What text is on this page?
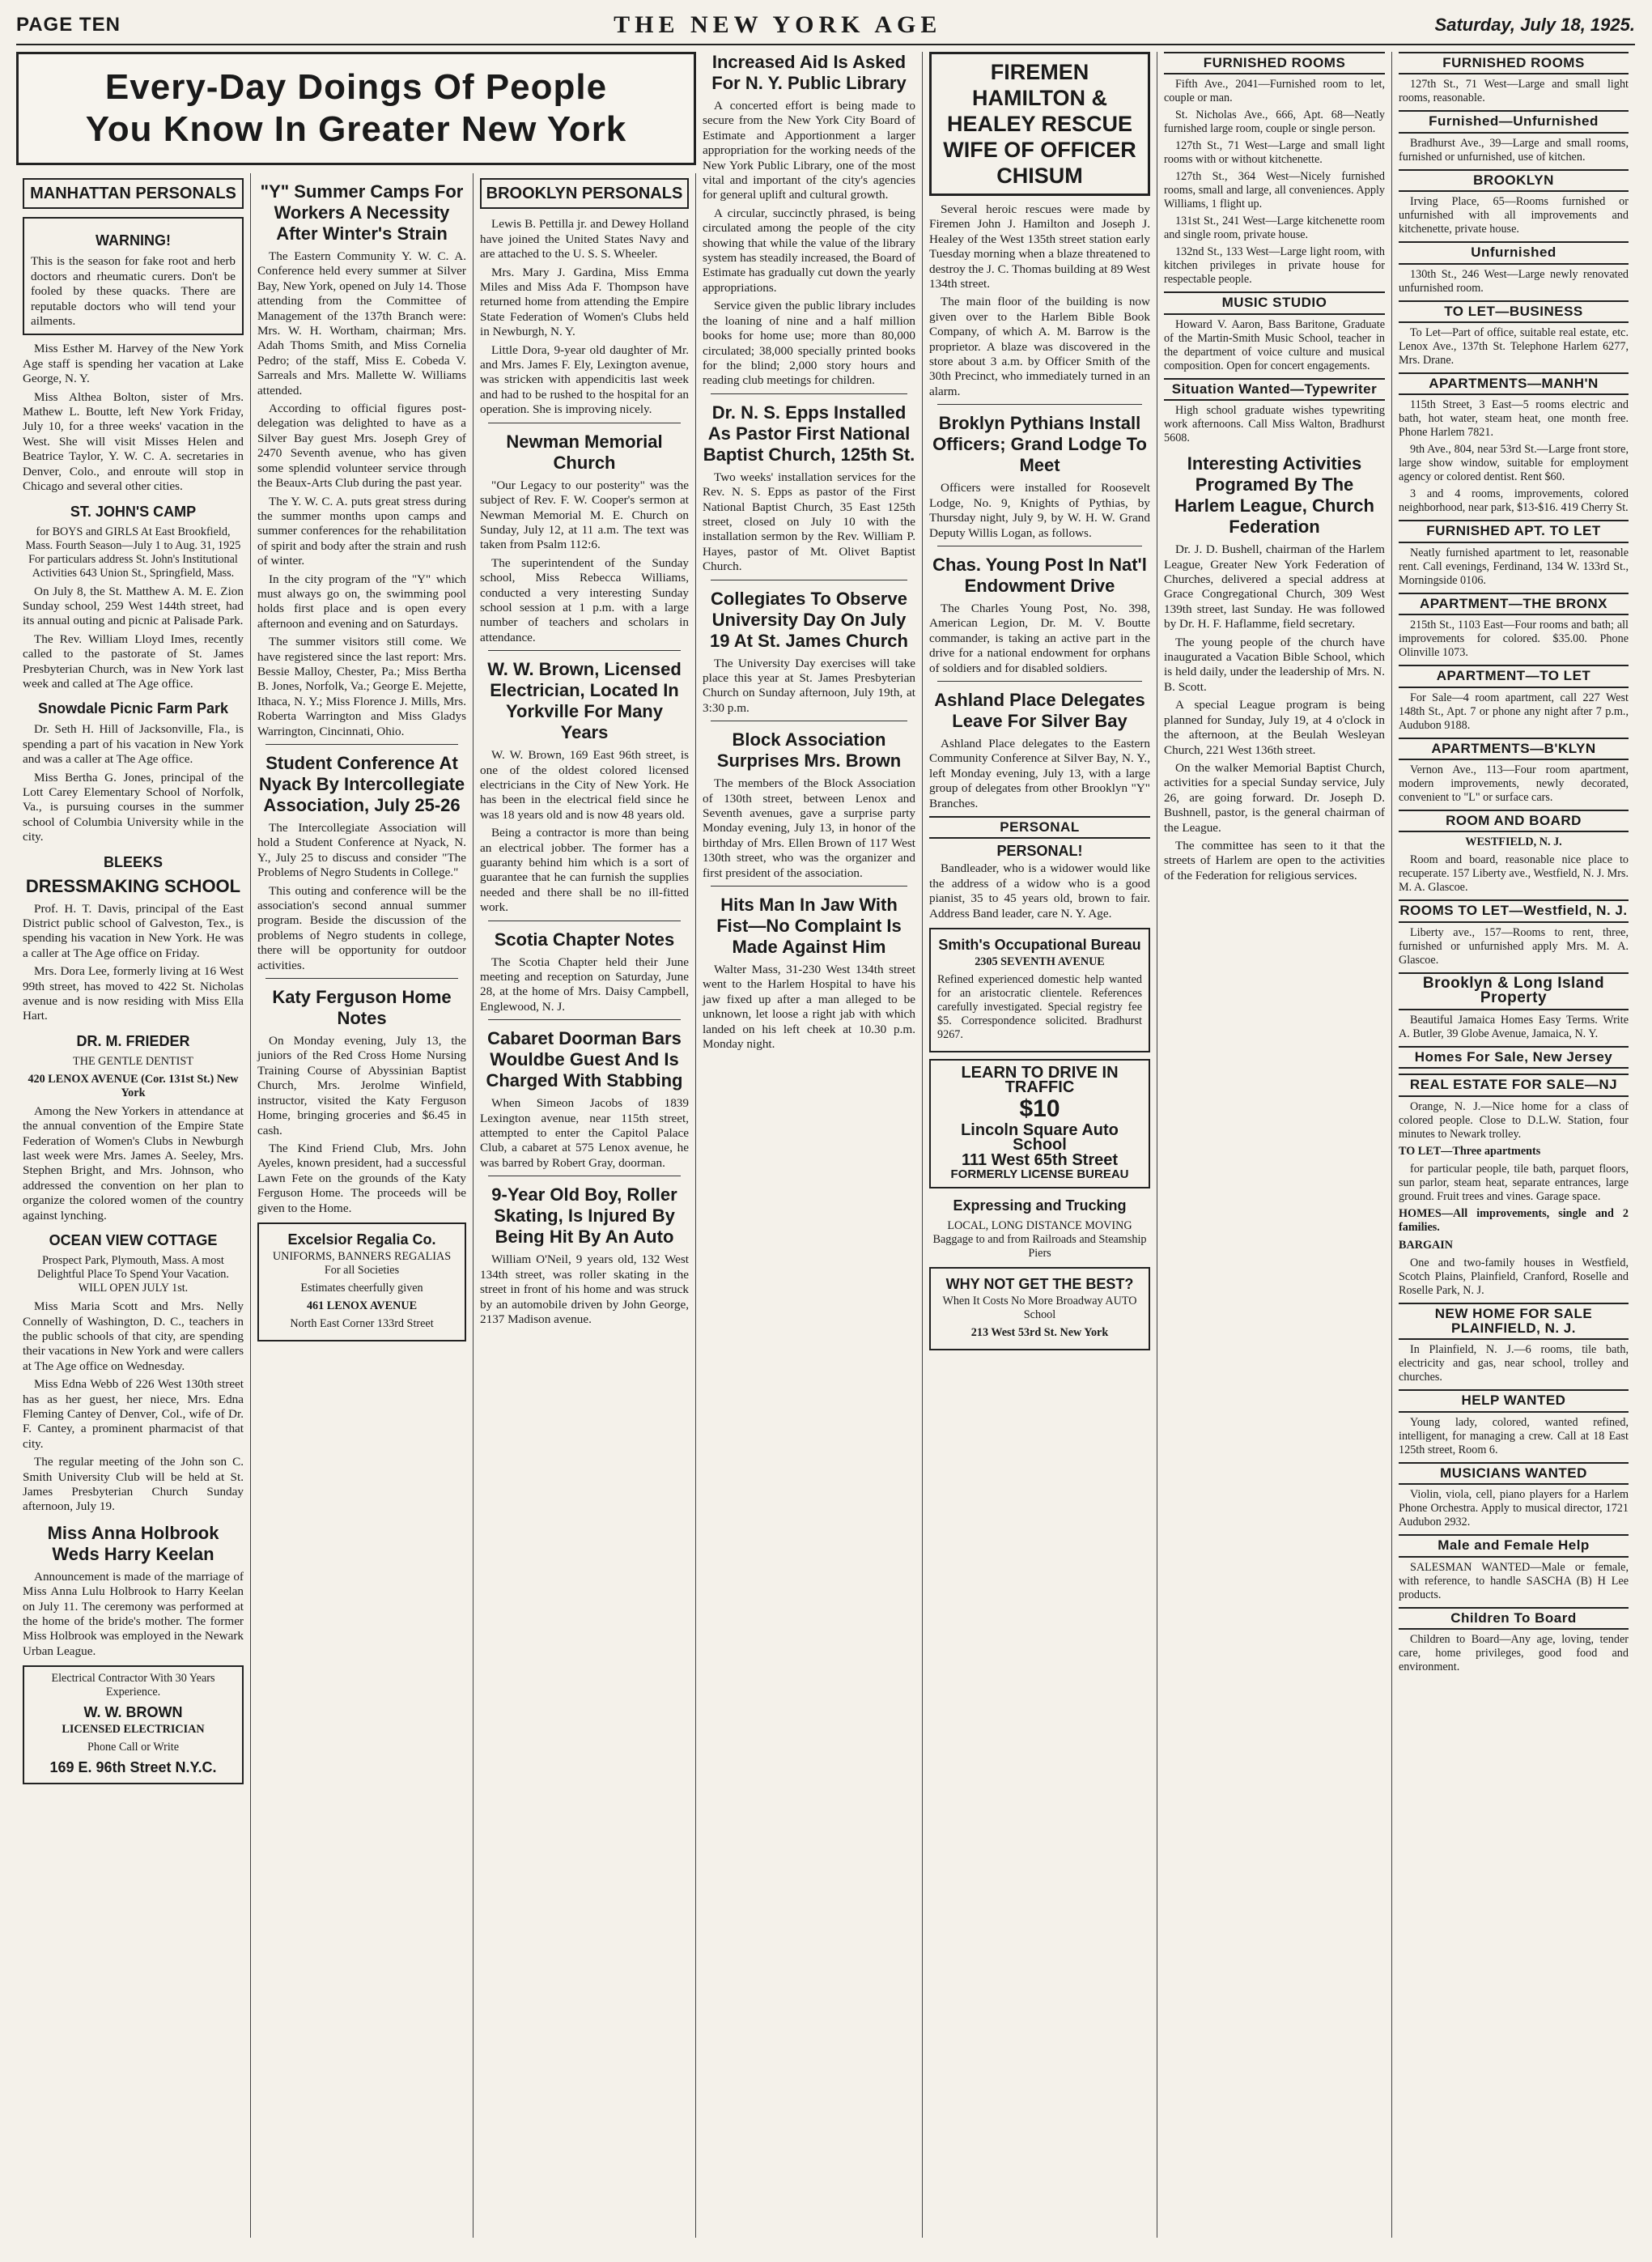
PAGE TEN	THE NEW YORK AGE	Saturday, July 18, 1925.
Every-Day Doings Of People
You Know In Greater New York
MANHATTAN PERSONALS
WARNING!
This is the season for fake root and herb doctors and rheumatic curers. Don't be fooled by these quacks. There are reputable doctors who will tend your ailments.

Miss Esther M. Harvey of the New York Age staff is spending her vacation at Lake George, N. Y.

Miss Althea Bolton, sister of Mrs. Mathew L. Boutte, left New York Friday, July 10, for a three weeks' vacation in the West. She will visit Misses Helen and Beatrice Taylor, Y. W. C. A. secretaries in Denver, Colo., and enroute will stop in Chicago and several other cities.

ST. JOHN'S CAMP
for BOYS and GIRLS At East Brookfield, Mass. Fourth Season—July 1 to Aug. 31, 1925 For particulars address St. John's Institutional Activities 643 Union St., Springfield, Mass.

On July 8, the St. Matthew A. M. E. Zion Sunday school, 259 West 144th street, had its annual outing and picnic at Palisade Park.

The Rev. William Lloyd Imes, recently called to the pastorate of St. James Presbyterian Church, was in New York last week and called at The Age office.

Snowdale Picnic Farm Park

Dr. Seth H. Hill of Jacksonville, Fla., is spending a part of his vacation in New York and was a caller at The Age office.

Miss Bertha G. Jones, principal of the Lott Carey Elementary School of Norfolk, Va., is pursuing courses in the summer school of Columbia University while in the city.

BLEEKS
DRESSMAKING SCHOOL

Prof. H. T. Davis, principal of the East District public school of Galveston, Tex., is spending his vacation in New York. He was a caller at The Age office on Friday.

Mrs. Dora Lee, formerly living at 16 West 99th street, has moved to 422 St. Nicholas avenue and is now residing with Miss Ella Hart.

DR. M. FRIEDER
THE GENTLE DENTIST
420 LENOX AVENUE (Cor. 131st St.) New York

Among the New Yorkers in attendance at the annual convention of the Empire State Federation of Women's Clubs in Newburgh last week were Mrs. James A. Seeley, Mrs. Stephen Bright, and Mrs. Johnson, who addressed the convention on her plan to organize the colored women of the country against lynching.

OCEAN VIEW COTTAGE
Prospect Park, Plymouth, Mass. A most Delightful Place To Spend Your Vacation. WILL OPEN JULY 1st.

Miss Maria Scott and Mrs. Nelly Connelly of Washington, D. C., teachers in the public schools of that city, are spending their vacations in New York and were callers at The Age office on Wednesday.

Miss Edna Webb of 226 West 130th street has as her guest, her niece, Mrs. Edna Fleming Cantey of Denver, Col., wife of Dr. F. Cantey, a prominent pharmacist of that city.

The regular meeting of the John son C. Smith University Club will be held at St. James Presbyterian Church Sunday afternoon, July 19.

Miss Anna Holbrook Weds Harry Keelan

Announcement is made of the marriage of Miss Anna Lulu Holbrook to Harry Keelan on July 11. The ceremony was performed at the home of the bride's mother. The former Miss Holbrook was employed in the Newark Urban League.

Electrical Contractor With 30 Years Experience.
W. W. BROWN
LICENSED ELECTRICIAN
Phone Call or Write
169 E. 96th Street N.Y.C.
"Y" Summer Camps For Workers A Necessity After Winter's Strain

The Eastern Community Y. W. C. A. Conference held every summer at Silver Bay, New York, opened on July 14. Those attending from the Committee of Management of the 137th Branch were: Mrs. W. H. Wortham, chairman; Mrs. Adah Thoms Smith, and Miss Cornelia Pedro; of the staff, Miss E. Cobeda V. Sarreals and Mrs. Mallette W. Williams attended.

According to official figures post-delegation was delighted to have as a Silver Bay guest Mrs. Joseph Grey of 2470 Seventh avenue, who has given some splendid volunteer service through the Beaux-Arts Club during the past year.

The Y. W. C. A. puts great stress during the summer months upon camps and summer conferences for the rehabilitation of spirit and body after the strain and rush of winter.

In the city program of the "Y" which must always go on, the swimming pool holds first place and is open every afternoon and evening and on Saturdays.

The summer visitors still come. We have registered since the last report: Mrs. Bessie Malloy, Chester, Pa.; Miss Bertha B. Jones, Norfolk, Va.; George E. Mejette, Ithaca, N. Y.; Miss Florence J. Mills, Mrs. Roberta Warrington and Miss Gladys Warrington, Cincinnati, Ohio.

Student Conference At Nyack By Intercollegiate Association, July 25-26

The Intercollegiate Association will hold a Student Conference at Nyack, N. Y., July 25 to discuss and consider "The Problems of Negro Students in College."

This outing and conference will be the association's second annual summer program. Beside the discussion of the problems of Negro students in college, there will be opportunity for outdoor activities.

Katy Ferguson Home Notes

On Monday evening, July 13, the juniors of the Red Cross Home Nursing Training Course of Abyssinian Baptist Church, Mrs. Jerolme Winfield, instructor, visited the Katy Ferguson Home, bringing groceries and $6.45 in cash.

The Kind Friend Club, Mrs. John Ayeles, known president, had a successful Lawn Fete on the grounds of the Katy Ferguson Home. The proceeds will be given to the Home.

Excelsior Regalia Co.
UNIFORMS, BANNERS REGALIAS For all Societies
Estimates cheerfully given
461 LENOX AVENUE
North East Corner 133rd Street
BROOKLYN PERSONALS

Lewis B. Pettilla jr. and Dewey Holland have joined the United States Navy and are attached to the U. S. S. Wheeler.

Mrs. Mary J. Gardina, Miss Emma Miles and Miss Ada F. Thompson have returned home from attending the Empire State Federation of Women's Clubs held in Newburgh, N. Y.

Little Dora, 9-year old daughter of Mr. and Mrs. James F. Ely, Lexington avenue, was stricken with appendicitis last week and had to be rushed to the hospital for an operation. She is improving nicely.

Newman Memorial Church

"Our Legacy to our posterity" was the subject of Rev. F. W. Cooper's sermon at Newman Memorial M. E. Church on Sunday, July 12, at 11 a.m. The text was taken from Psalm 112:6.

The superintendent of the Sunday school, Miss Rebecca Williams, conducted a very interesting Sunday school session at 1 p.m. with a large number of teachers and scholars in attendance.

W. W. Brown, Licensed Electrician, Located In Yorkville For Many Years

W. W. Brown, 169 East 96th street, is one of the oldest colored licensed electricians in the City of New York. He has been in the electrical field since he was 18 years old and is now 48 years old.

Being a contractor is more than being an electrical jobber. The former has a guaranty behind him which is a sort of guarantee that he can furnish the supplies needed and there shall be no ill-fitted work.

Scotia Chapter Notes

The Scotia Chapter held their June meeting and reception on Saturday, June 28, at the home of Mrs. Daisy Campbell, Englewood, N. J.

Cabaret Doorman Bars Wouldbe Guest And Is Charged With Stabbing

When Simeon Jacobs of 1839 Lexington avenue, near 115th street, attempted to enter the Capitol Palace Club, a cabaret at 575 Lenox avenue, he was barred by Robert Gray, doorman.

9-Year Old Boy, Roller Skating, Is Injured By Being Hit By An Auto

William O'Neil, 9 years old, 132 West 134th street, was roller skating in the street in front of his home and was struck by an automobile driven by John George, 2137 Madison avenue.

Increased Aid Is Asked For N. Y. Public Library

A concerted effort is being made to secure from the New York City Board of Estimate and Apportionment a larger appropriation for the working needs of the New York Public Library, one of the most vital and important of the city's agencies for general uplift and cultural growth.

A circular, succinctly phrased, is being circulated among the people of the city showing that while the value of the library system has steadily increased, the Board of Estimate has gradually cut down the yearly appropriations.

Service given the public library includes the loaning of nine and a half million books for home use; more than 80,000 circulated; 38,000 specially printed books for the blind; 2,000 story hours and reading club meetings for children.

Dr. N. S. Epps Installed As Pastor First National Baptist Church, 125th St.

Two weeks' installation services for the Rev. N. S. Epps as pastor of the First National Baptist Church, 35 East 125th street, closed on July 10 with the installation sermon by the Rev. William P. Hayes, pastor of Mt. Olivet Baptist Church.

Collegiates To Observe University Day On July 19 At St. James Church

The University Day exercises will take place this year at St. James Presbyterian Church on Sunday afternoon, July 19th, at 3:30 p.m.

Block Association Surprises Mrs. Brown

The members of the Block Association of 130th street, between Lenox and Seventh avenues, gave a surprise party Monday evening, July 13, in honor of the birthday of Mrs. Ellen Brown of 117 West 130th street, who was the organizer and first president of the association.

Hits Man In Jaw With Fist—No Complaint Is Made Against Him

Walter Mass, 31-230 West 134th street went to the Harlem Hospital to have his jaw fixed up after a man alleged to be unknown, let loose a right jab with which landed on his left cheek at 10.30 p.m. Monday night.

FIREMEN HAMILTON & HEALEY RESCUE WIFE OF OFFICER CHISUM

Several heroic rescues were made by Firemen John J. Hamilton and Joseph J. Healey of the West 135th street station early Tuesday morning when a blaze threatened to destroy the J. C. Thomas building at 89 West 134th street.

The main floor of the building is now given over to the Harlem Bible Book Company, of which A. M. Barrow is the proprietor. A blaze was discovered in the store about 3 a.m. by Officer Smith of the 30th Precinct, who immediately turned in an alarm.

Broklyn Pythians Install Officers; Grand Lodge To Meet

Officers were installed for Roosevelt Lodge, No. 9, Knights of Pythias, by Thursday night, July 9, by W. H. W. Grand Deputy Willis Logan, as follows.

Chas. Young Post In Nat'l Endowment Drive

The Charles Young Post, No. 398, American Legion, Dr. M. V. Boutte commander, is taking an active part in the drive for a national endowment for orphans of soldiers and for disabled soldiers.

Ashland Place Delegates Leave For Silver Bay

Ashland Place delegates to the Eastern Community Conference at Silver Bay, N. Y., left Monday evening, July 13, with a large group of delegates from other Brooklyn "Y" Branches.

PERSONAL
PERSONAL!

Bandleader, who is a widower would like the address of a widow who is a good pianist, 35 to 45 years old, brown to fair. Address Band leader, care N. Y. Age.

Smith's Occupational Bureau
2305 SEVENTH AVENUE
Refined experienced domestic help wanted for an aristocratic clientele. References carefully investigated. Special registry fee $5. Correspondence solicited. Bradhurst 9267.
LEARN TO DRIVE IN TRAFFIC
$10
Lincoln Square Auto School
111 West 65th Street
FORMERLY LICENSE BUREAU
Expressing and Trucking
LOCAL, LONG DISTANCE MOVING Baggage to and from Railroads and Steamship Piers
WHY NOT GET THE BEST?
When It Costs No More Broadway AUTO School
213 West 53rd St. New York
FURNISHED ROOMS

Fifth Ave., 2041—Furnished room to let, couple or man.

St. Nicholas Ave., 666, Apt. 68—Neatly furnished large room, couple or single person.

127th St., 71 West—Large and small light rooms with or without kitchenette.

127th St., 364 West—Nicely furnished rooms, small and large, all conveniences. Apply Williams, 1 flight up.

131st St., 241 West—Large kitchenette room and single room, private house.

132nd St., 133 West—Large light room, with kitchen privileges in private house for respectable people.

MUSIC STUDIO

Howard V. Aaron, Bass Baritone, Graduate of the Martin-Smith Music School, teacher in the department of voice culture and musical composition. Open for concert engagements.

Situation Wanted—Typewriter

High school graduate wishes typewriting work afternoons. Call Miss Walton, Bradhurst 5608.

Interesting Activities Programed By The Harlem League, Church Federation

Dr. J. D. Bushell, chairman of the Harlem League, Greater New York Federation of Churches, delivered a special address at Grace Congregational Church, 309 West 139th street, last Sunday. He was followed by Dr. H. F. Haflamme, field secretary.

The young people of the church have inaugurated a Vacation Bible School, which is held daily, under the leadership of Mrs. N. B. Scott.

A special League program is being planned for Sunday, July 19, at 4 o'clock in the afternoon, at the Beulah Wesleyan Church, 221 West 136th street.

On the walker Memorial Baptist Church, activities for a special Sunday service, July 26, are going forward. Dr. Joseph D. Bushnell, pastor, is the general chairman of the League.

The committee has seen to it that the streets of Harlem are open to the activities of the Federation for religious services.

FURNISHED ROOMS

127th St., 71 West—Large and small light rooms, reasonable.

Furnished—Unfurnished

Bradhurst Ave., 39—Large and small rooms, furnished or unfurnished, use of kitchen.

BROOKLYN

Irving Place, 65—Rooms furnished or unfurnished with all improvements and kitchenette, private house.

Unfurnished

130th St., 246 West—Large newly renovated unfurnished room.

TO LET—BUSINESS

To Let—Part of office, suitable real estate, etc. Lenox Ave., 137th St. Telephone Harlem 6277, Mrs. Drane.

APARTMENTS—MANH'N

115th Street, 3 East—5 rooms electric and bath, hot water, steam heat, one month free. Phone Harlem 7821.

9th Ave., 804, near 53rd St.—Large front store, large show window, suitable for employment agency or colored dentist. Rent $60.

3 and 4 rooms, improvements, colored neighborhood, near park, $13-$16. 419 Cherry St.

FURNISHED APT. TO LET

Neatly furnished apartment to let, reasonable rent. Call evenings, Ferdinand, 134 W. 133rd St., Morningside 0106.

APARTMENT—THE BRONX

215th St., 1103 East—Four rooms and bath; all improvements for colored. $35.00. Phone Olinville 1073.

APARTMENT—TO LET

For Sale—4 room apartment, call 227 West 148th St., Apt. 7 or phone any night after 7 p.m., Audubon 9188.

APARTMENTS—B'KLYN

Vernon Ave., 113—Four room apartment, modern improvements, newly decorated, convenient to "L" or surface cars.

ROOM AND BOARD
WESTFIELD, N. J.

Room and board, reasonable nice place to recuperate. 157 Liberty ave., Westfield, N. J. Mrs. M. A. Glascoe.

ROOMS TO LET—Westfield, N. J.

Liberty ave., 157—Rooms to rent, three, furnished or unfurnished apply Mrs. M. A. Glascoe.

Brooklyn & Long Island Property

Beautiful Jamaica Homes Easy Terms. Write A. Butler, 39 Globe Avenue, Jamaica, N. Y.

Homes For Sale, New Jersey
REAL ESTATE FOR SALE—NJ

Orange, N. J.—Nice home for a class of colored people. Close to D.L.W. Station, four minutes to Newark trolley.

TO LET—Three apartments

for particular people, tile bath, parquet floors, sun parlor, steam heat, separate entrances, large ground. Fruit trees and vines. Garage space.

HOMES—All improvements, single and 2 families.
BARGAIN

One and two-family houses in Westfield, Scotch Plains, Plainfield, Cranford, Roselle and Roselle Park, N. J.

NEW HOME FOR SALE PLAINFIELD, N. J.

In Plainfield, N. J.—6 rooms, tile bath, electricity and gas, near school, trolley and churches.

HELP WANTED

Young lady, colored, wanted refined, intelligent, for managing a crew. Call at 18 East 125th street, Room 6.

MUSICIANS WANTED

Violin, viola, cell, piano players for a Harlem Phone Orchestra. Apply to musical director, 1721 Audubon 2932.

Male and Female Help

SALESMAN WANTED—Male or female, with reference, to handle SASCHA (B) H Lee products.

Children To Board

Children to Board—Any age, loving, tender care, home privileges, good food and environment.
